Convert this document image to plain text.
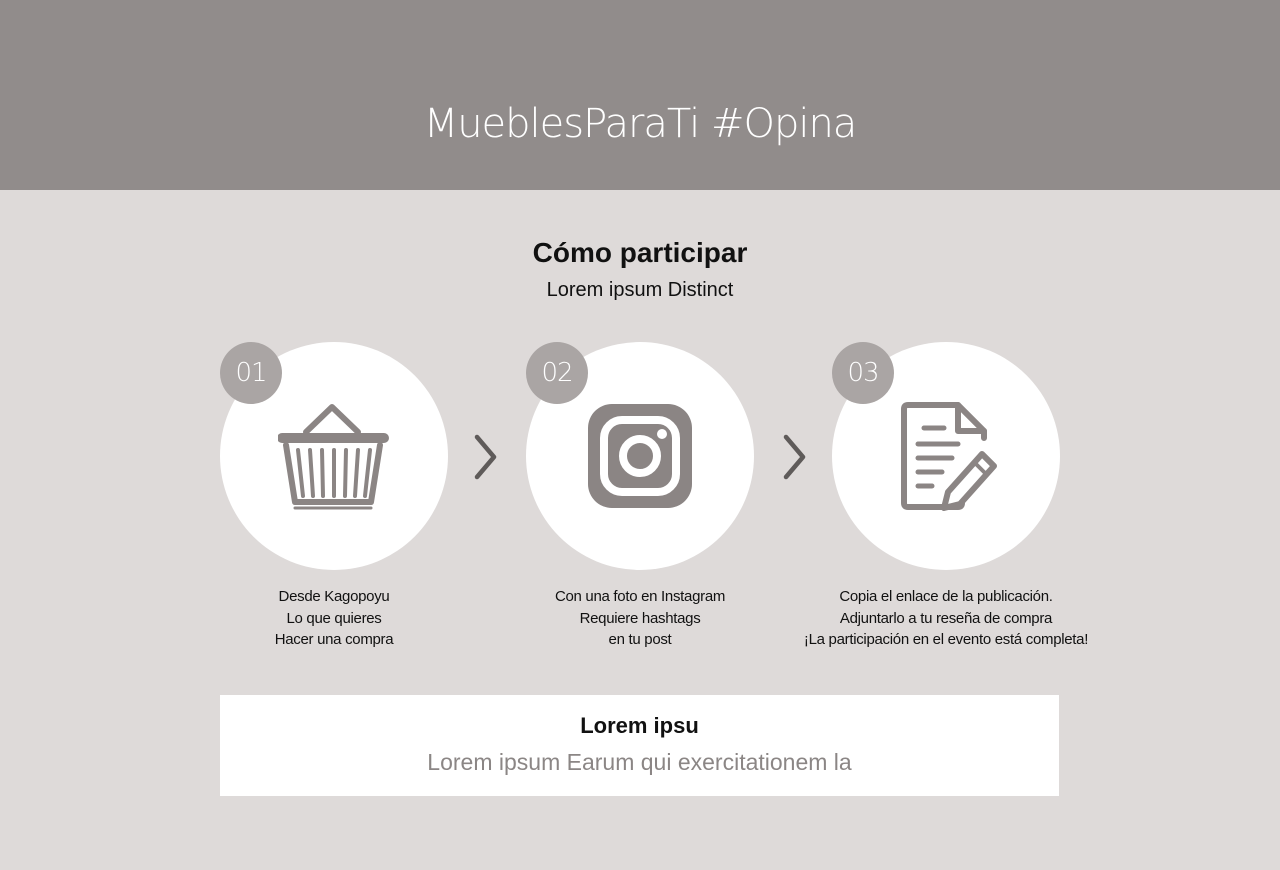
MueblesParaTi #Opina
Cómo participar
Lorem ipsum Distinct
01
Desde Kagopoyu
Lo que quieres
Hacer una compra
02
Con una foto en Instagram
Requiere hashtags
en tu post
03
Copia el enlace de la publicación.
Adjuntarlo a tu reseña de compra
¡La participación en el evento está completa!
Lorem ipsu
Lorem ipsum Earum qui exercitationem la
